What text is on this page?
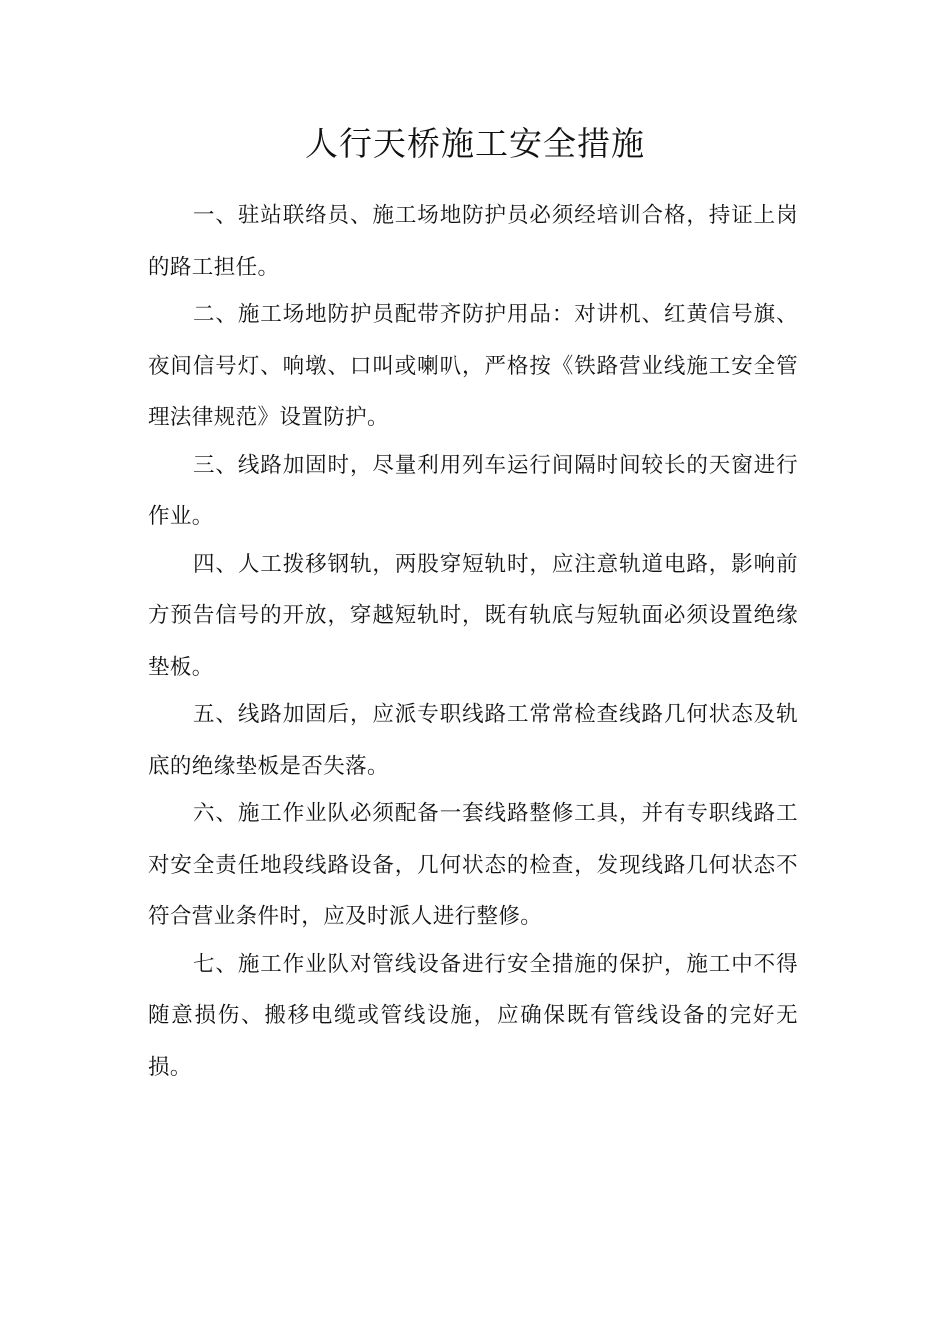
人行天桥施工安全措施

一、驻站联络员、施工场地防护员必须经培训合格，持证上岗的路工担任。

二、施工场地防护员配带齐防护用品：对讲机、红黄信号旗、夜间信号灯、响墩、口叫或喇叭，严格按《铁路营业线施工安全管理法律规范》设置防护。

三、线路加固时，尽量利用列车运行间隔时间较长的天窗进行作业。

四、人工拨移钢轨，两股穿短轨时，应注意轨道电路，影响前方预告信号的开放，穿越短轨时，既有轨底与短轨面必须设置绝缘垫板。

五、线路加固后，应派专职线路工常常检查线路几何状态及轨底的绝缘垫板是否失落。

六、施工作业队必须配备一套线路整修工具，并有专职线路工对安全责任地段线路设备，几何状态的检查，发现线路几何状态不符合营业条件时，应及时派人进行整修。

七、施工作业队对管线设备进行安全措施的保护，施工中不得随意损伤、搬移电缆或管线设施，应确保既有管线设备的完好无损。
